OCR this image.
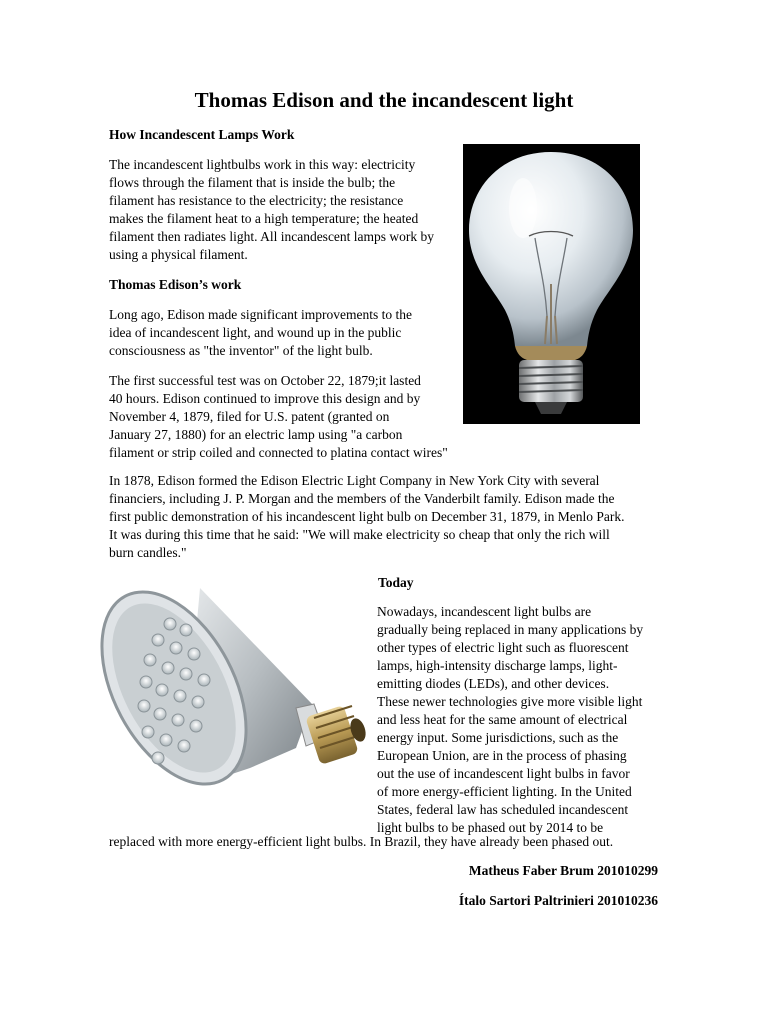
Thomas Edison and the incandescent light

How Incandescent Lamps Work

The incandescent lightbulbs work in this way: electricity
flows through the filament that is inside the bulb; the
filament has resistance to the electricity; the resistance
makes the filament heat to a high temperature; the heated
filament then radiates light. All incandescent lamps work by
using a physical filament.

Thomas Edison’s work

Long ago, Edison made significant improvements to the
idea of incandescent light, and wound up in the public
consciousness as "the inventor" of the light bulb.

The first successful test was on October 22, 1879;it lasted
40 hours. Edison continued to improve this design and by
November 4, 1879, filed for U.S. patent (granted on
January 27, 1880) for an electric lamp using "a carbon
filament or strip coiled and connected to platina contact wires"

In 1878, Edison formed the Edison Electric Light Company in New York City with several
financiers, including J. P. Morgan and the members of the Vanderbilt family. Edison made the
first public demonstration of his incandescent light bulb on December 31, 1879, in Menlo Park.
It was during this time that he said: "We will make electricity so cheap that only the rich will
burn candles."

Today

Nowadays, incandescent light bulbs are
gradually being replaced in many applications by
other types of electric light such as fluorescent
lamps, high-intensity discharge lamps, light-
emitting diodes (LEDs), and other devices.
These newer technologies give more visible light
and less heat for the same amount of electrical
energy input. Some jurisdictions, such as the
European Union, are in the process of phasing
out the use of incandescent light bulbs in favor
of more energy-efficient lighting. In the United
States, federal law has scheduled incandescent
light bulbs to be phased out by 2014 to be

replaced with more energy-efficient light bulbs. In Brazil, they have already been phased out.

Matheus Faber Brum 201010299

Ítalo Sartori Paltrinieri 201010236
